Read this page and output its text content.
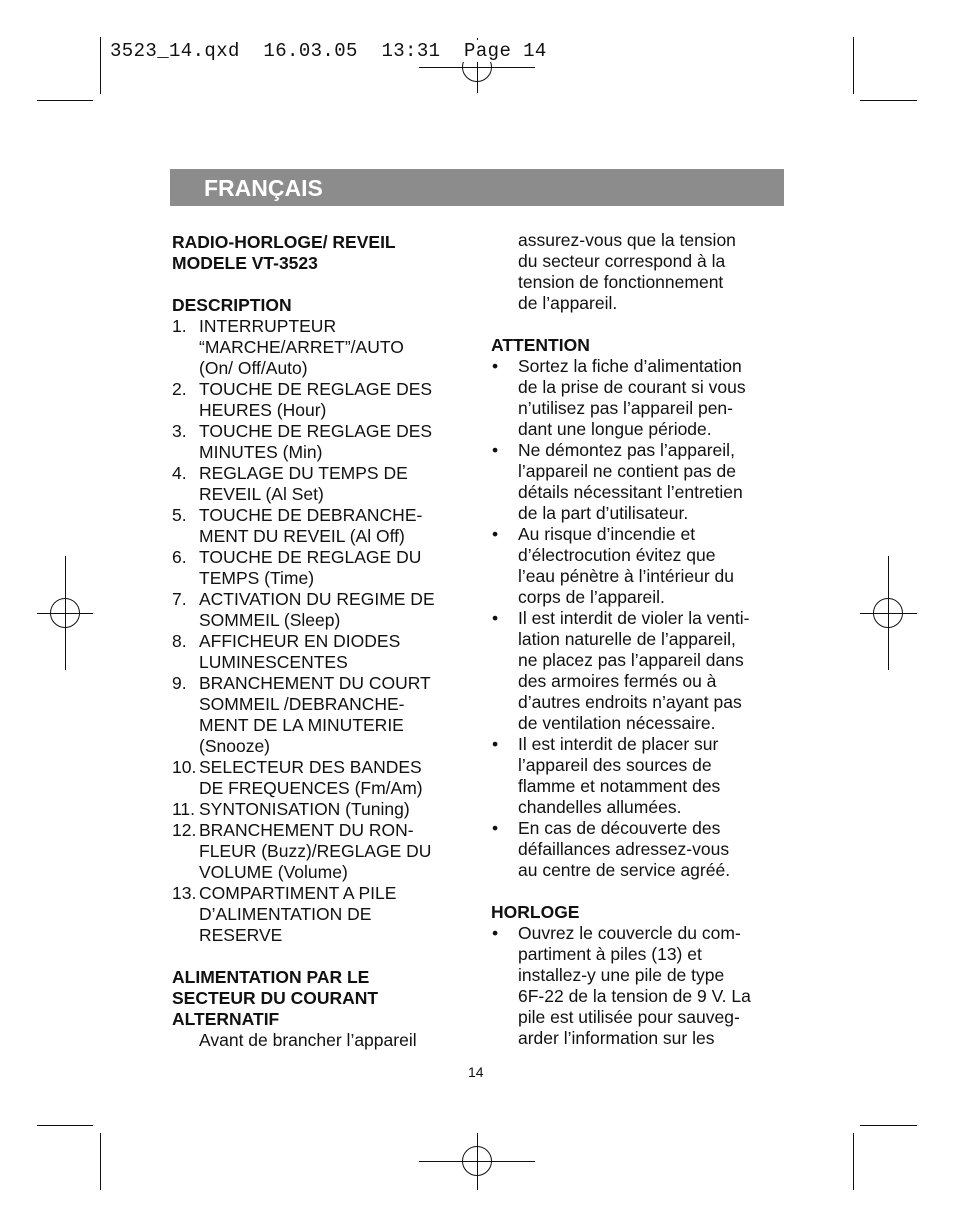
3523_14.qxd  16.03.05  13:31  Page 14
FRANÇAIS
RADIO-HORLOGE/ REVEIL
MODELE VT-3523
DESCRIPTION
1. INTERRUPTEUR
“MARCHE/ARRET”/AUTO
(On/ Off/Auto)
2. TOUCHE DE REGLAGE DES
HEURES (Hour)
3. TOUCHE DE REGLAGE DES
MINUTES (Min)
4. REGLAGE DU TEMPS DE
REVEIL (Al Set)
5. TOUCHE DE DEBRANCHE-
MENT DU REVEIL (Al Off)
6. TOUCHE DE REGLAGE DU
TEMPS (Time)
7. ACTIVATION DU REGIME DE
SOMMEIL (Sleep)
8. AFFICHEUR EN DIODES
LUMINESCENTES
9. BRANCHEMENT DU COURT
SOMMEIL /DEBRANCHE-
MENT DE LA MINUTERIE
(Snooze)
10. SELECTEUR DES BANDES
DE FREQUENCES (Fm/Am)
11. SYNTONISATION (Tuning)
12. BRANCHEMENT DU RON-
FLEUR (Buzz)/REGLAGE DU
VOLUME (Volume)
13. COMPARTIMENT A PILE
D’ALIMENTATION DE
RESERVE
ALIMENTATION PAR LE
SECTEUR DU COURANT
ALTERNATIF
Avant de brancher l’appareil
assurez-vous que la tension
du secteur correspond à la
tension de fonctionnement
de l’appareil.
ATTENTION
•	Sortez la fiche d’alimentation
de la prise de courant si vous
n’utilisez pas l’appareil pen-
dant une longue période.
•	Ne démontez pas l’appareil,
l’appareil ne contient pas de
détails nécessitant l’entretien
de la part d’utilisateur.
•	Au risque d’incendie et
d’électrocution évitez que
l’eau pénètre à l’intérieur du
corps de l’appareil.
•	Il est interdit de violer la venti-
lation naturelle de l’appareil,
ne placez pas l’appareil dans
des armoires fermés ou à
d’autres endroits n’ayant pas
de ventilation nécessaire.
•	Il est interdit de placer sur
l’appareil des sources de
flamme et notamment des
chandelles allumées.
•	En cas de découverte des
défaillances adressez-vous
au centre de service agréé.
HORLOGE
•	Ouvrez le couvercle du com-
partiment à piles (13) et
installez-y une pile de type
6F-22 de la tension de 9 V. La
pile est utilisée pour sauveg-
arder l’information sur les
14
